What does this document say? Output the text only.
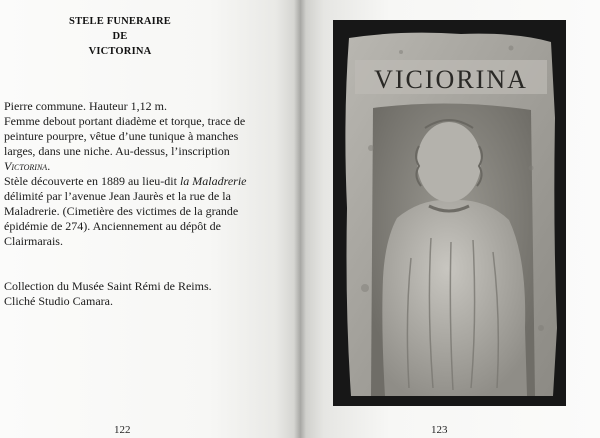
STELE FUNERAIRE
DE
VICTORINA

Pierre commune. Hauteur 1,12 m.

Femme debout portant diadème et torque, trace de

peinture pourpre, vêtue d’une tunique à manches

larges, dans une niche. Au-dessus, l’inscription

Victorina.

Stèle découverte en 1889 au lieu-dit la Maladrerie

délimité par l’avenue Jean Jaurès et la rue de la

Maladrerie. (Cimetière des victimes de la grande

épidémie de 274). Anciennement au dépôt de

Clairmarais.

Collection du Musée Saint Rémi de Reims.

Cliché Studio Camara.

122
VICIORINA
123
